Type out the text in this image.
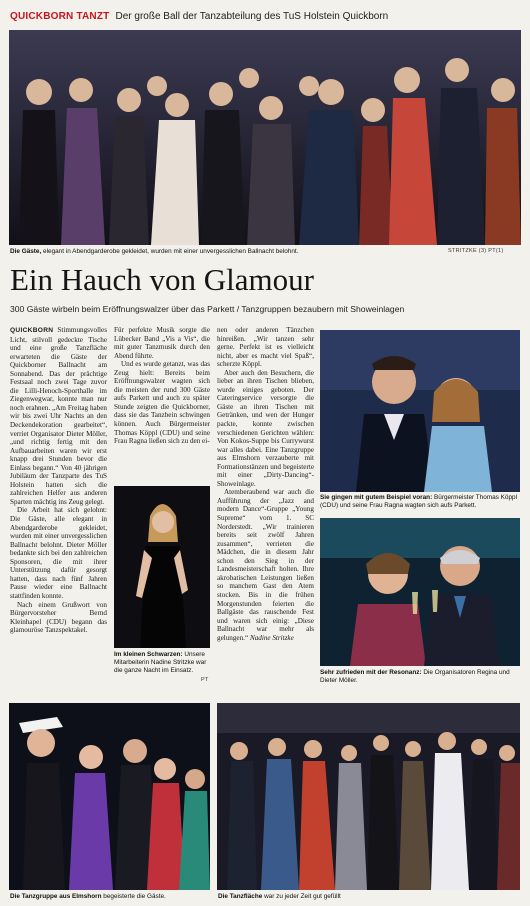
QUICKBORN TANZT Der große Ball der Tanzabteilung des TuS Holstein Quickborn
Die Gäste, elegant in Abendgarderobe gekleidet, wurden mit einer unvergesslichen Ballnacht belohnt.	STRITZKE (3) PT(1)
Ein Hauch von Glamour
300 Gäste wirbeln beim Eröffnungswalzer über das Parkett / Tanzgruppen bezaubern mit Showeinlagen

QUICKBORN Stimmungsvolles Licht, stilvoll gedeckte Tische und eine große Tanzfläche erwarteten die Gäste der Quickborner Ballnacht am Sonnabend. Das der prächtige Festsaal noch zwei Tage zuvor die Lilli-Henoch-Sporthalle im Ziegenwegwar, konnte man nur noch erahnen. „Am Freitag haben wir bis zwei Uhr Nachts an den Deckendekoration gearbeitet“, verriet Organisator Dieter Möller, „und richtig fertig mit den Aufbauarbeiten waren wir erst knapp drei Stunden bevor die Einlass begann.“ Von 40 jährigen Jubiläum der Tanzparte des TuS Holstein hatten sich die zahlreichen Helfer aus anderen Sparten mächtig ins Zeug gelegt.

Die Arbeit hat sich gelohnt: Die Gäste, alle elegant in Abendgarderobe gekleidet, wurden mit einer unvergesslichen Ballnacht belohnt. Dieter Möller bedankte sich bei den zahlreichen Sponsoren, die mit ihrer Unterstützung dafür gesorgt hatten, dass nach fünf Jahren Pause wieder eine Ballnacht stattfinden konnte.

Nach einem Grußwort von Bürgervorsteher Bernd Kleinhapel (CDU) begann das glamouröse Tanzspektakel.

Für perfekte Musik sorgte die Lübecker Band „Vis a Vis“, die mit guter Tanzmusik durch den Abend führte.

Und es wurde getanzt, was das Zeug hielt: Bereits beim Eröffnungswalzer wagten sich die meisten der rund 300 Gäste aufs Parkett und auch zu später Stunde zeigten die Quickborner, dass sie das Tanzbein schwingen können. Auch Bürgermeister Thomas Köppl (CDU) und seine Frau Ragna ließen sich zu den ei-

Im kleinen Schwarzen: Unsere Mitarbeiterin Nadine Stritzke war die ganze Nacht im Einsatz.
PT

nen oder anderen Tänzchen hinreißen. „Wir tanzen sehr gerne. Perfekt ist es vielleicht nicht, aber es macht viel Spaß“, scherzte Köppl.

Aber auch den Besuchern, die lieber an ihren Tischen blieben, wurde einiges geboten. Der Cateringservice versorgte die Gäste an ihren Tischen mit Getränken, und wen der Hunger packte, konnte zwischen verschiedenen Gerichten wählen: Von Kokos-Suppe bis Currywurst war alles dabei. Eine Tanzgruppe aus Elmshorn verzauberte mit Formationstänzen und begeisterte mit einer „Dirty-Dancing“-Showeinlage.

Atemberaubend war auch die Aufführung der „Jazz and modern Dance“-Gruppe „Young Supreme“ vom 1. SC Norderstedt. „Wir trainieren bereits seit zwölf Jahren zusammen“, verrieten die Mädchen, die in diesem Jahr schon den Sieg in der Landesmeisterschaft holten. Ihre akrobatischen Leistungen ließen so manchem Gast den Atem stocken. Bis in die frühen Morgenstunden feierten die Ballgäste das rauschende Fest und waren sich einig: „Diese Ballnacht war mehr als gelungen.“ Nadine Stritzke

Sie gingen mit gutem Beispiel voran: Bürgermeister Thomas Köppl (CDU) und seine Frau Ragna wagten sich aufs Parkett.
Sehr zufrieden mit der Resonanz: Die Organisatoren Regina und Dieter Möller.
Die Tanzgruppe aus Elmshorn begeisterte die Gäste.	Die Tanzfläche war zu jeder Zeit gut gefüllt
